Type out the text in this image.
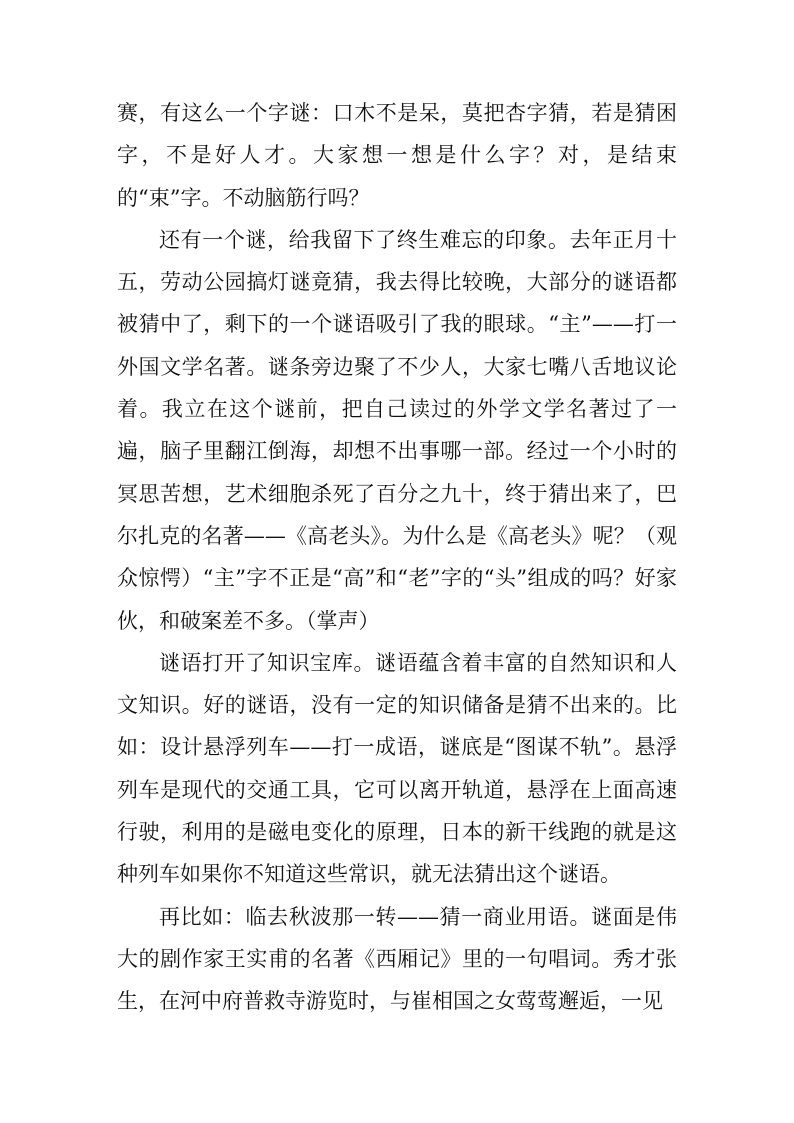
赛，有这么一个字谜：口木不是呆，莫把杏字猜，若是猜困字，不是好人才。大家想一想是什么字？对，是结束的“束”字。不动脑筋行吗？

还有一个谜，给我留下了终生难忘的印象。去年正月十五，劳动公园搞灯谜竟猜，我去得比较晚，大部分的谜语都被猜中了，剩下的一个谜语吸引了我的眼球。“主”——打一外国文学名著。谜条旁边聚了不少人，大家七嘴八舌地议论着。我立在这个谜前，把自己读过的外学文学名著过了一遍，脑子里翻江倒海，却想不出事哪一部。经过一个小时的冥思苦想，艺术细胞杀死了百分之九十，终于猜出来了，巴尔扎克的名著——《高老头》。为什么是《高老头》呢？（观众惊愕）“主”字不正是“高”和“老”字的“头”组成的吗？好家伙，和破案差不多。（掌声）

谜语打开了知识宝库。谜语蕴含着丰富的自然知识和人文知识。好的谜语，没有一定的知识储备是猜不出来的。比如：设计悬浮列车——打一成语，谜底是“图谋不轨”。悬浮列车是现代的交通工具，它可以离开轨道，悬浮在上面高速行驶，利用的是磁电变化的原理，日本的新干线跑的就是这种列车如果你不知道这些常识，就无法猜出这个谜语。

再比如：临去秋波那一转——猜一商业用语。谜面是伟大的剧作家王实甫的名著《西厢记》里的一句唱词。秀才张生，在河中府普救寺游览时，与崔相国之女莺莺邂逅，一见
